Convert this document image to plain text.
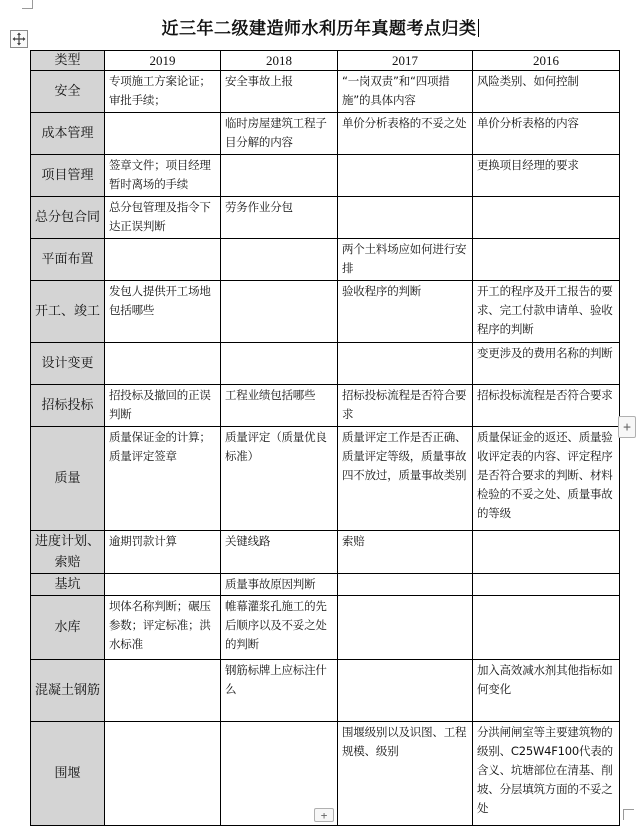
近三年二级建造师水利历年真题考点归类
类型	2019	2018	2017	2016
安全	专项施工方案论证；审批手续；	安全事故上报	“一岗双责”和“四项措施”的具体内容	风险类别、如何控制
成本管理		临时房屋建筑工程子目分解的内容	单价分析表格的不妥之处	单价分析表格的内容
项目管理	签章文件；项目经理暂时离场的手续			更换项目经理的要求
总分包合同	总分包管理及指令下达正误判断	劳务作业分包		
平面布置			两个土料场应如何进行安排	
开工、竣工	发包人提供开工场地包括哪些		验收程序的判断	开工的程序及开工报告的要求、完工付款申请单、验收程序的判断
设计变更				变更涉及的费用名称的判断
招标投标	招投标及撤回的正误判断	工程业绩包括哪些	招标投标流程是否符合要求	招标投标流程是否符合要求
质量	质量保证金的计算；质量评定签章	质量评定（质量优良标准）	质量评定工作是否正确、质量评定等级，质量事故四不放过，质量事故类别	质量保证金的返还、质量验收评定表的内容、评定程序是否符合要求的判断、材料检验的不妥之处、质量事故的等级
进度计划、索赔	逾期罚款计算	关键线路	索赔	
基坑		质量事故原因判断		
水库	坝体名称判断；碾压参数；评定标准；洪水标准	帷幕灌浆孔施工的先后顺序以及不妥之处的判断		
混凝土钢筋		钢筋标牌上应标注什么		加入高效减水剂其他指标如何变化
围堰			围堰级别以及识图、工程规模、级别	分洪闸闸室等主要建筑物的级别、C25W4F100代表的含义、坑塘部位在清基、削坡、分层填筑方面的不妥之处
+
+
